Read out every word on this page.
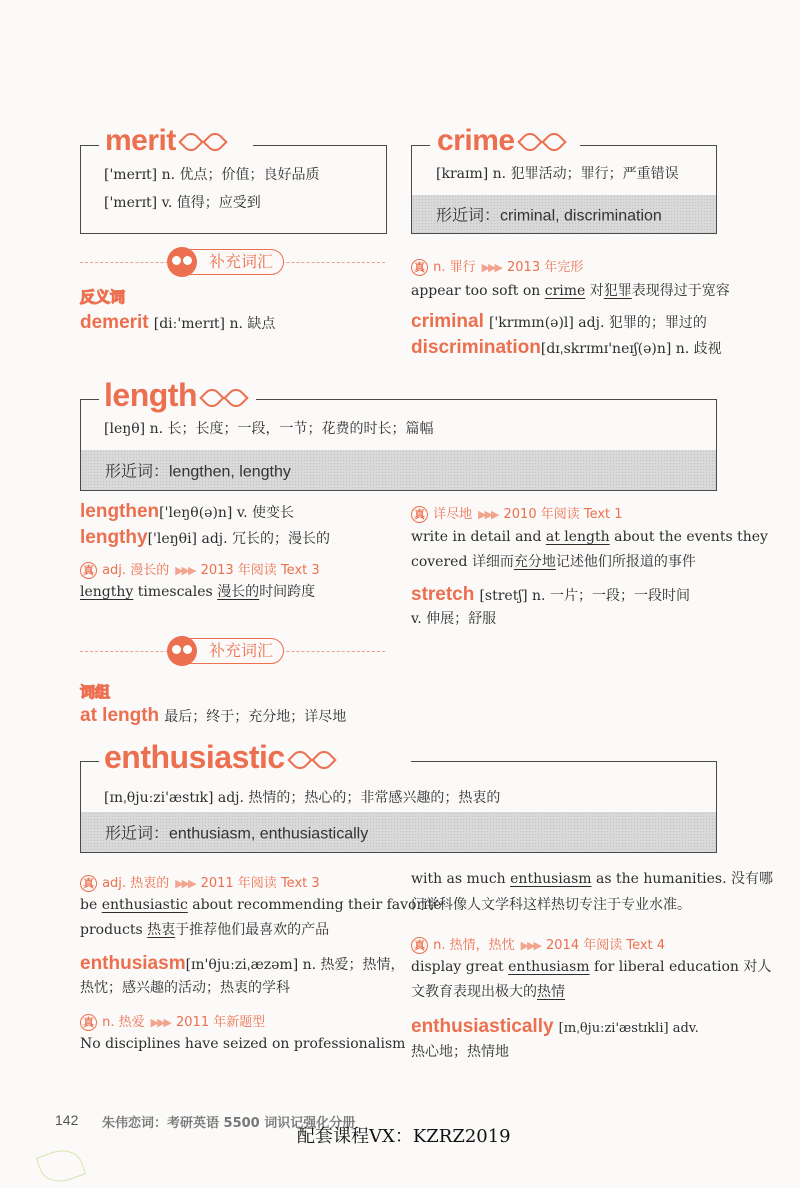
merit
['merɪt] n. 优点；价值；良好品质
['merɪt] v. 值得；应受到
补充词汇
反义词
demerit [diː'merɪt] n. 缺点
形近词：criminal, discrimination
crime
[kraɪm] n. 犯罪活动；罪行；严重错误
真 n. 罪行 ▶▶▶ 2013 年完形
appear too soft on crime 对犯罪表现得过于宽容
criminal ['krɪmɪn(ə)l] adj. 犯罪的；罪过的
discrimination[dɪˌskrɪmɪ'neɪʃ(ə)n] n. 歧视
形近词：lengthen, lengthy
length
[leŋθ] n. 长；长度；一段，一节；花费的时长；篇幅
lengthen['leŋθ(ə)n] v. 使变长
lengthy['leŋθi] adj. 冗长的；漫长的
真 adj. 漫长的 ▶▶▶ 2013 年阅读 Text 3
lengthy timescales 漫长的时间跨度
补充词汇
词组
at length 最后；终于；充分地；详尽地
真 详尽地 ▶▶▶ 2010 年阅读 Text 1
write in detail and at length about the events they
covered 详细而充分地记述他们所报道的事件
stretch [stretʃ] n. 一片；一段；一段时间
v. 伸展；舒服
形近词：enthusiasm, enthusiastically
enthusiastic
[ɪnˌθjuːzi'æstɪk] adj. 热情的；热心的；非常感兴趣的；热衷的
真 adj. 热衷的 ▶▶▶ 2011 年阅读 Text 3
be enthusiastic about recommending their favorite
products 热衷于推荐他们最喜欢的产品
enthusiasm[ɪn'θjuːziˌæzəm] n. 热爱；热情，
热忱；感兴趣的活动；热衷的学科
真 n. 热爱 ▶▶▶ 2011 年新题型
No disciplines have seized on professionalism
with as much enthusiasm as the humanities. 没有哪
门学科像人文学科这样热切专注于专业水准。
真 n. 热情，热忱 ▶▶▶ 2014 年阅读 Text 4
display great enthusiasm for liberal education 对人
文教育表现出极大的热情
enthusiastically [ɪnˌθjuːzi'æstɪkli] adv.
热心地；热情地
142 朱伟恋词：考研英语 5500 词识记强化分册
配套课程VX：KZRZ2019
